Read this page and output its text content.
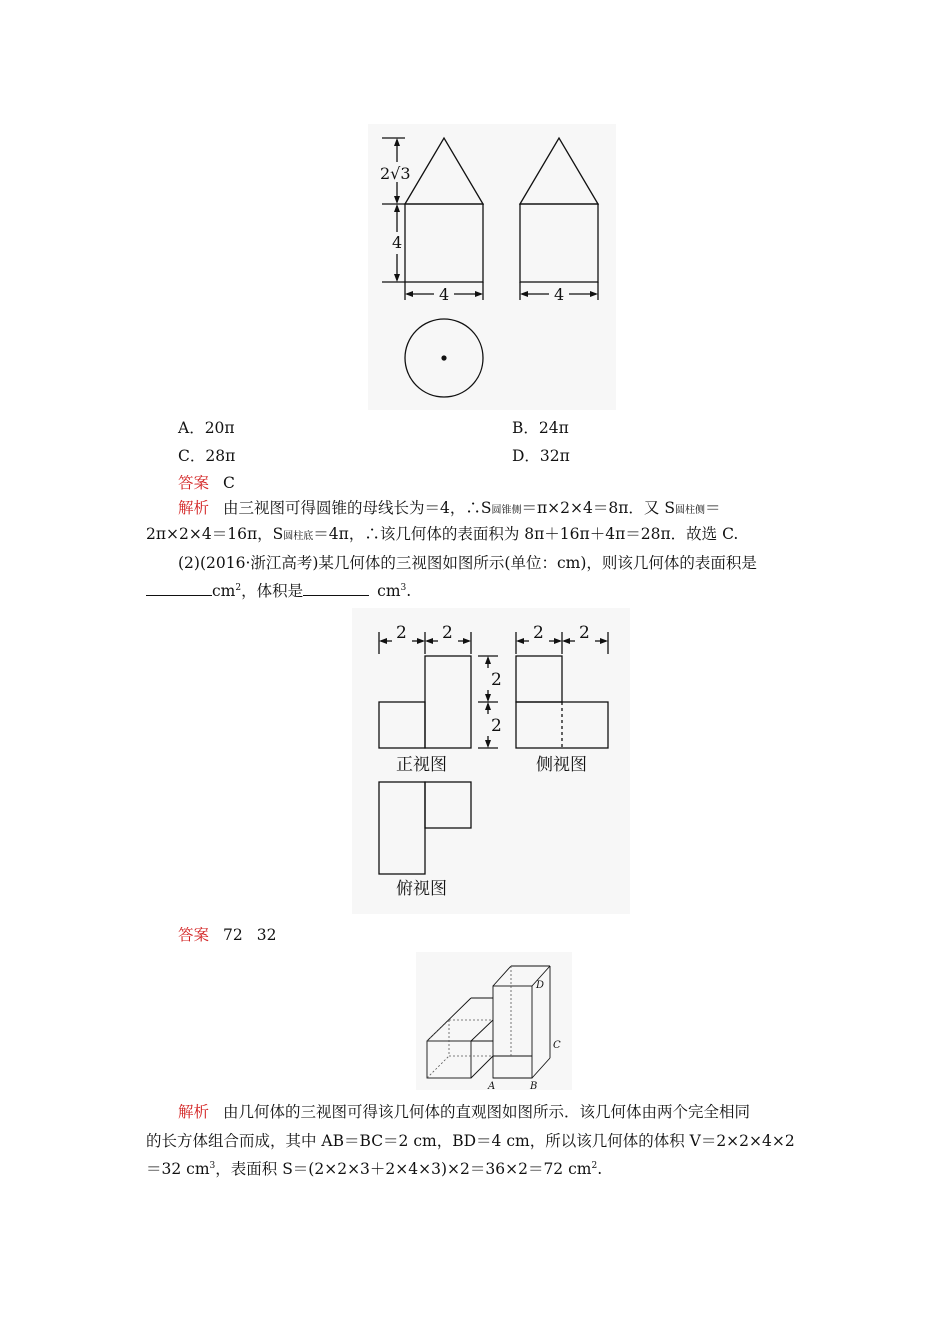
2√3
4
4	4
A．20π	B．24π
C．28π	D．32π
答案 C
解析 由三视图可得圆锥的母线长为＝4，∴S圆锥侧＝π×2×4＝8π．又 S圆柱侧＝
2π×2×4＝16π，S圆柱底＝4π，∴该几何体的表面积为 8π＋16π＋4π＝28π．故选 C.
(2)(2016·浙江高考)某几何体的三视图如图所示(单位：cm)，则该几何体的表面积是
$cm^2$，体积是	$cm^3$.
2 2	2 2
2
2
正视图	侧视图
俯视图
答案 72 32
A	B
C
D
解析 由几何体的三视图可得该几何体的直观图如图所示．该几何体由两个完全相同
的长方体组合而成，其中 AB＝BC＝2 cm，BD＝4 cm，所以该几何体的体积 V＝2×2×4×2
＝32 $cm^3$，表面积 S＝(2×2×3＋2×4×3)×2＝36×2＝72 $cm^2$.
